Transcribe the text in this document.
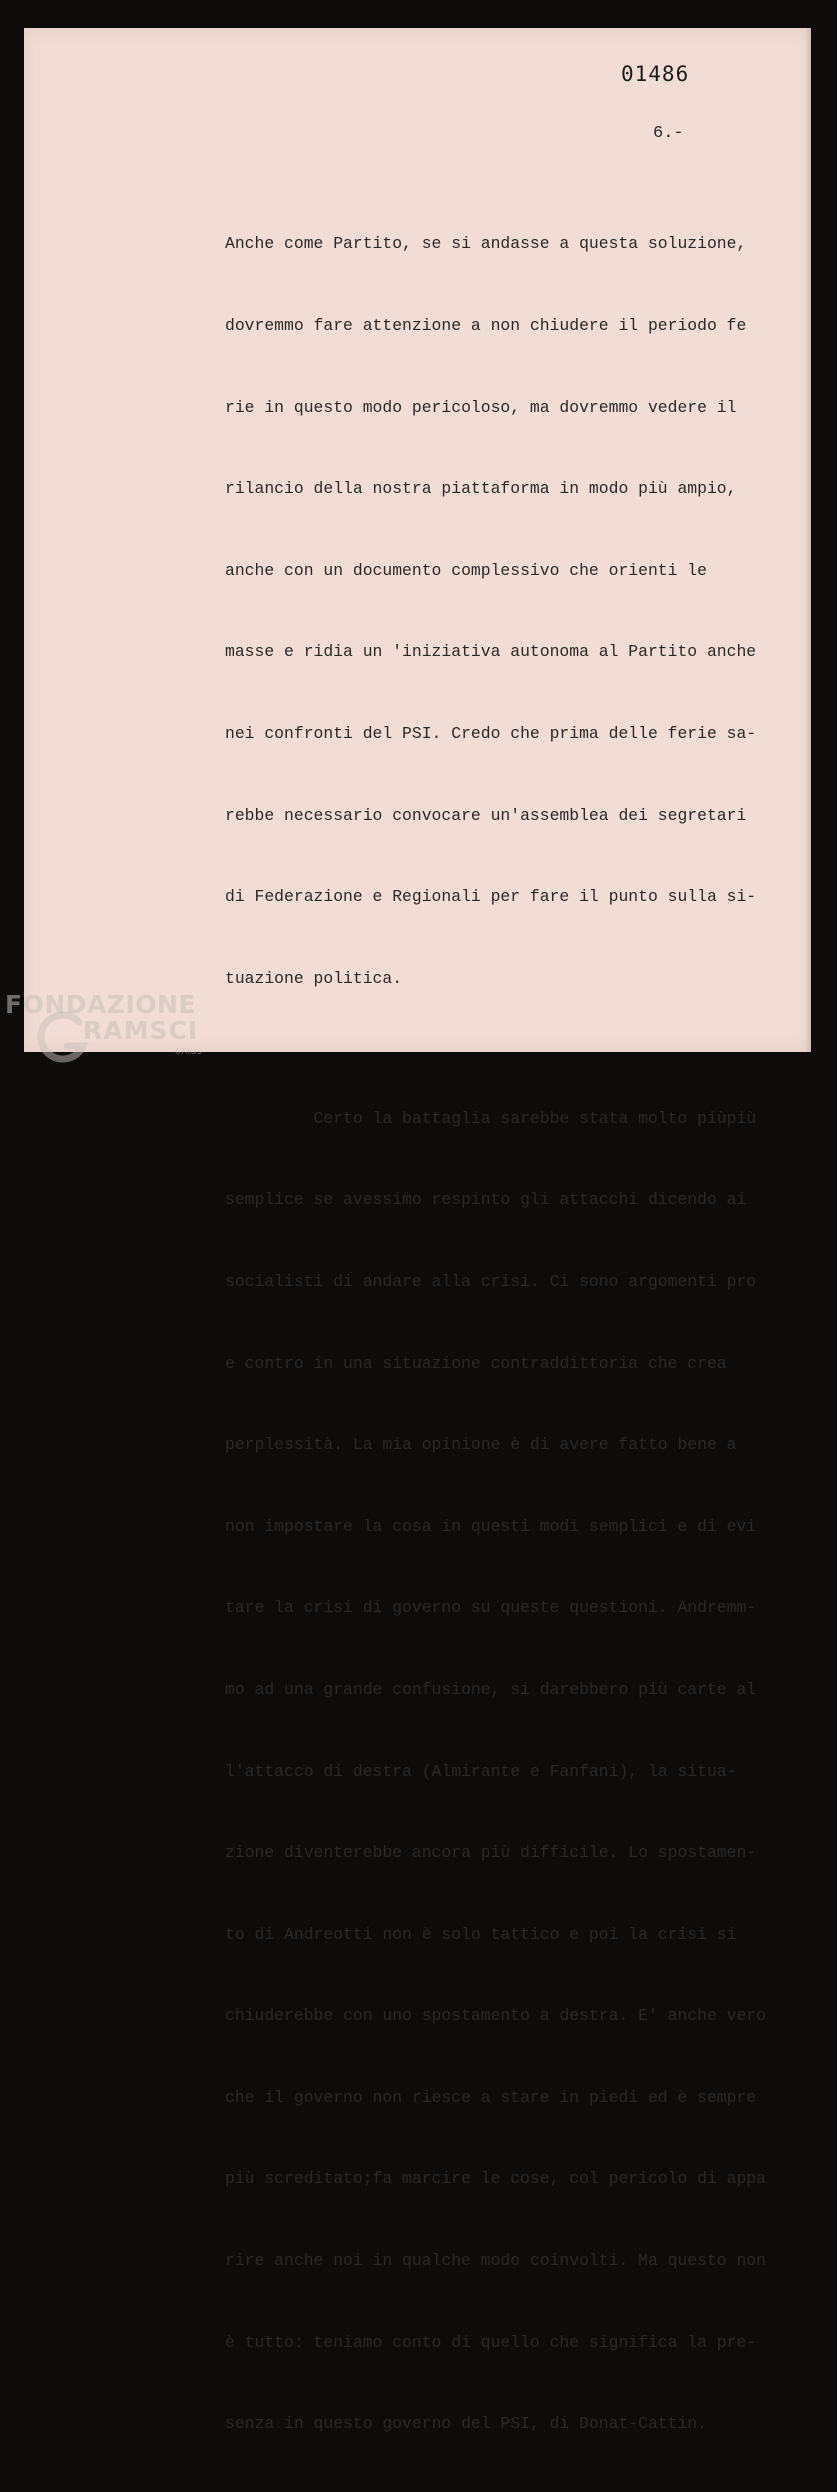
01486

6.-

Anche come Partito, se si andasse a questa soluzione,

dovremmo fare attenzione a non chiudere il periodo fe

rie in questo modo pericoloso, ma dovremmo vedere il

rilancio della nostra piattaforma in modo più ampio,

anche con un documento complessivo che orienti le

masse e ridia un 'iniziativa autonoma al Partito anche

nei confronti del PSI. Credo che prima delle ferie sa-

rebbe necessario convocare un'assemblea dei segretari

di Federazione e Regionali per fare il punto sulla si-

tuazione politica.

Certo la battaglia sarebbe stata molto piùpiù

semplice se avessimo respinto gli attacchi dicendo ai

socialisti di andare alla crisi. Ci sono argomenti pro

e contro in una situazione contraddittoria che crea

perplessità. La mia opinione è di avere fatto bene a

non impostare la cosa in questi modi semplici e di evi

tare la crisi di governo su queste questioni. Andremm-

mo ad una grande confusione, si darebbero più carte al

l'attacco di destra (Almirante e Fanfani), la situa-

zione diventerebbe ancora più difficile. Lo spostamen-

to di Andreotti non è solo tattico e poi la crisi si

chiuderebbe con uno spostamento a destra. E' anche vero

che il governo non riesce a stare in piedi ed è sempre

più screditato;fa marcire le cose, col pericolo di appa

rire anche noi in qualche modo coinvolti. Ma questo non

è tutto: teniamo conto di quello che significa la pre-

senza in questo governo del PSI, di Donat-Cattin.

FONDAZIONE
RAMSCI
onlus
